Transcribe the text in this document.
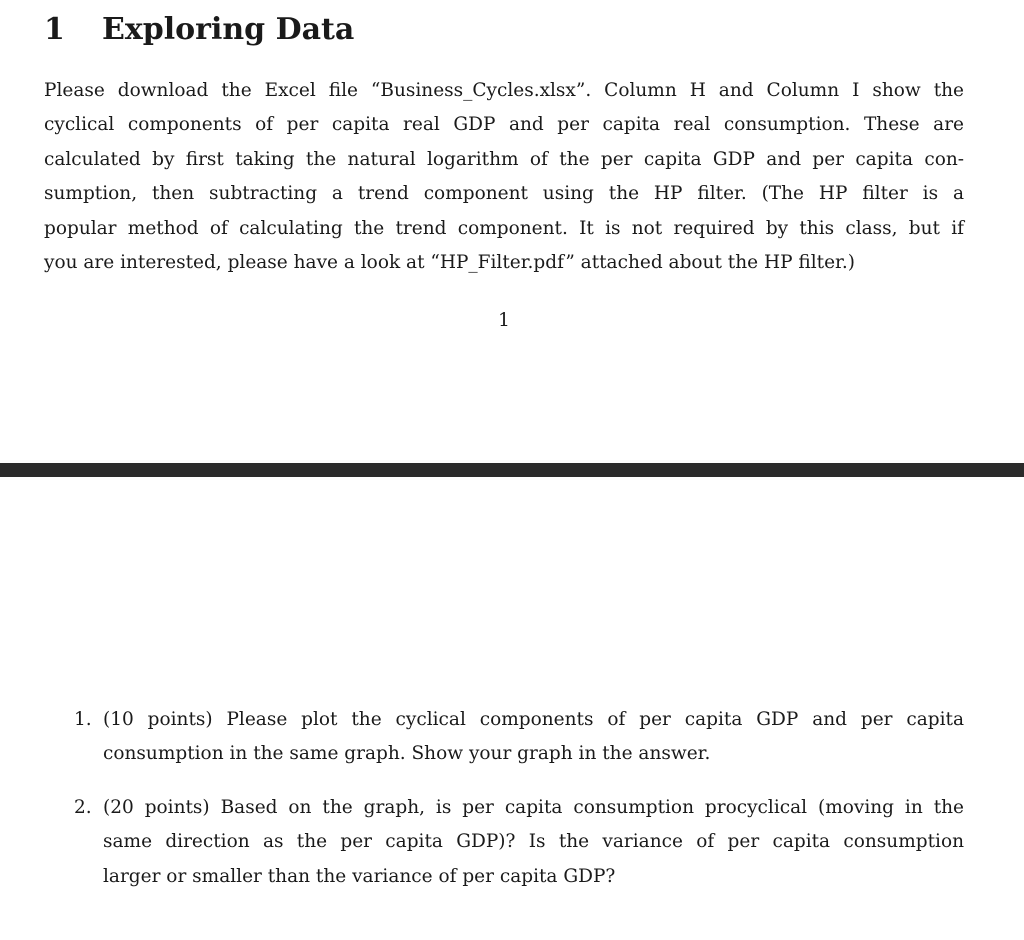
1 Exploring Data

Please download the Excel file “Business_Cycles.xlsx”. Column H and Column I show the
cyclical components of per capita real GDP and per capita real consumption. These are
calculated by first taking the natural logarithm of the per capita GDP and per capita con-
sumption, then subtracting a trend component using the HP filter. (The HP filter is a
popular method of calculating the trend component. It is not required by this class, but if
you are interested, please have a look at “HP_Filter.pdf” attached about the HP filter.)

1
1. (10 points) Please plot the cyclical components of per capita GDP and per capita
consumption in the same graph. Show your graph in the answer.
2. (20 points) Based on the graph, is per capita consumption procyclical (moving in the
same direction as the per capita GDP)? Is the variance of per capita consumption
larger or smaller than the variance of per capita GDP?
